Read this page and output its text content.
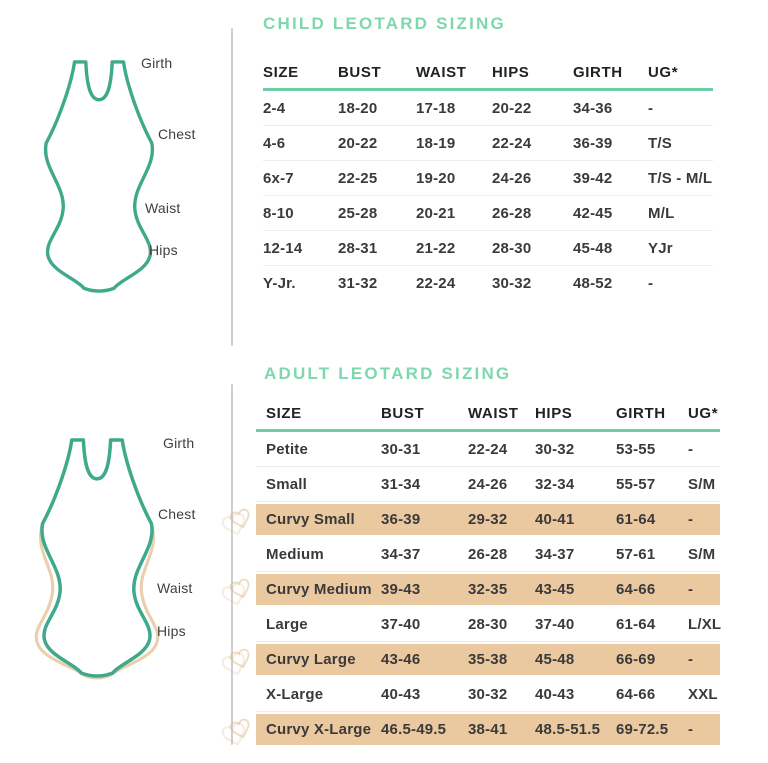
Girth
Chest
Waist
Hips
Girth
Chest
Waist
Hips
CHILD LEOTARD SIZING
SIZE	BUST	WAIST	HIPS	GIRTH	UG*
2-4	18-20	17-18	20-22	34-36	-
4-6	20-22	18-19	22-24	36-39	T/S
6x-7	22-25	19-20	24-26	39-42	T/S - M/L
8-10	25-28	20-21	26-28	42-45	M/L
12-14	28-31	21-22	28-30	45-48	YJr
Y-Jr.	31-32	22-24	30-32	48-52	-
ADULT LEOTARD SIZING
SIZE	BUST	WAIST	HIPS	GIRTH	UG*
Petite	30-31	22-24	30-32	53-55	-
Small	31-34	24-26	32-34	55-57	S/M
Curvy Small	36-39	29-32	40-41	61-64	-
Medium	34-37	26-28	34-37	57-61	S/M
Curvy Medium 39-43	32-35	43-45	64-66	-
Large	37-40	28-30	37-40	61-64	L/XL
Curvy Large	43-46	35-38	45-48	66-69	-
X-Large	40-43	30-32	40-43	64-66	XXL
Curvy X-Large 46.5-49.5	38-41	48.5-51.5	69-72.5	-
